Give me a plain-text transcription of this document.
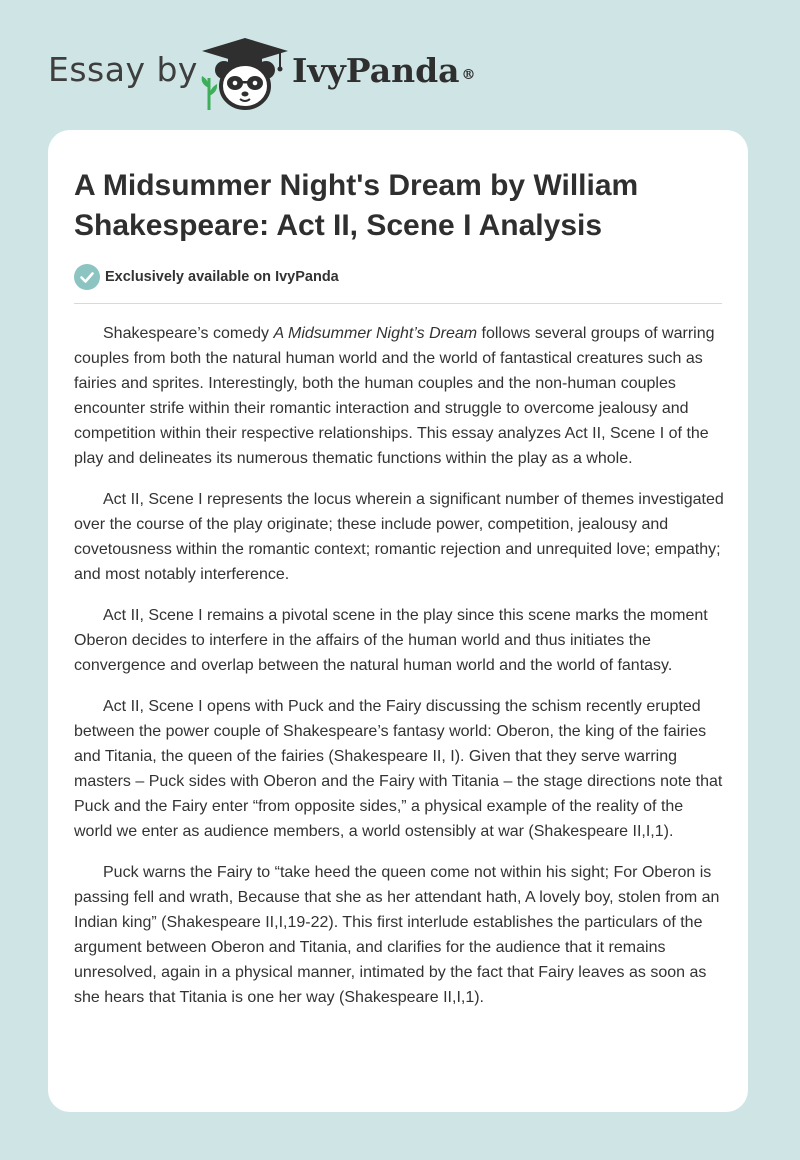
Essay by	IvyPanda ®
A Midsummer Night's Dream by William Shakespeare: Act II, Scene I Analysis
Exclusively available on IvyPanda

Shakespeare’s comedy A Midsummer Night’s Dream follows several groups of warring couples from both the natural human world and the world of fantastical creatures such as fairies and sprites. Interestingly, both the human couples and the non-human couples encounter strife within their romantic interaction and struggle to overcome jealousy and competition within their respective relationships. This essay analyzes Act II, Scene I of the play and delineates its numerous thematic functions within the play as a whole.

Act II, Scene I represents the locus wherein a significant number of themes investigated over the course of the play originate; these include power, competition, jealousy and covetousness within the romantic context; romantic rejection and unrequited love; empathy; and most notably interference.

Act II, Scene I remains a pivotal scene in the play since this scene marks the moment Oberon decides to interfere in the affairs of the human world and thus initiates the convergence and overlap between the natural human world and the world of fantasy.

Act II, Scene I opens with Puck and the Fairy discussing the schism recently erupted between the power couple of Shakespeare’s fantasy world: Oberon, the king of the fairies and Titania, the queen of the fairies (Shakespeare II, I). Given that they serve warring masters – Puck sides with Oberon and the Fairy with Titania – the stage directions note that Puck and the Fairy enter “from opposite sides,” a physical example of the reality of the world we enter as audience members, a world ostensibly at war (Shakespeare II,I,1).

Puck warns the Fairy to “take heed the queen come not within his sight; For Oberon is passing fell and wrath, Because that she as her attendant hath, A lovely boy, stolen from an Indian king” (Shakespeare II,I,19-22). This first interlude establishes the particulars of the argument between Oberon and Titania, and clarifies for the audience that it remains unresolved, again in a physical manner, intimated by the fact that Fairy leaves as soon as she hears that Titania is one her way (Shakespeare II,I,1).
